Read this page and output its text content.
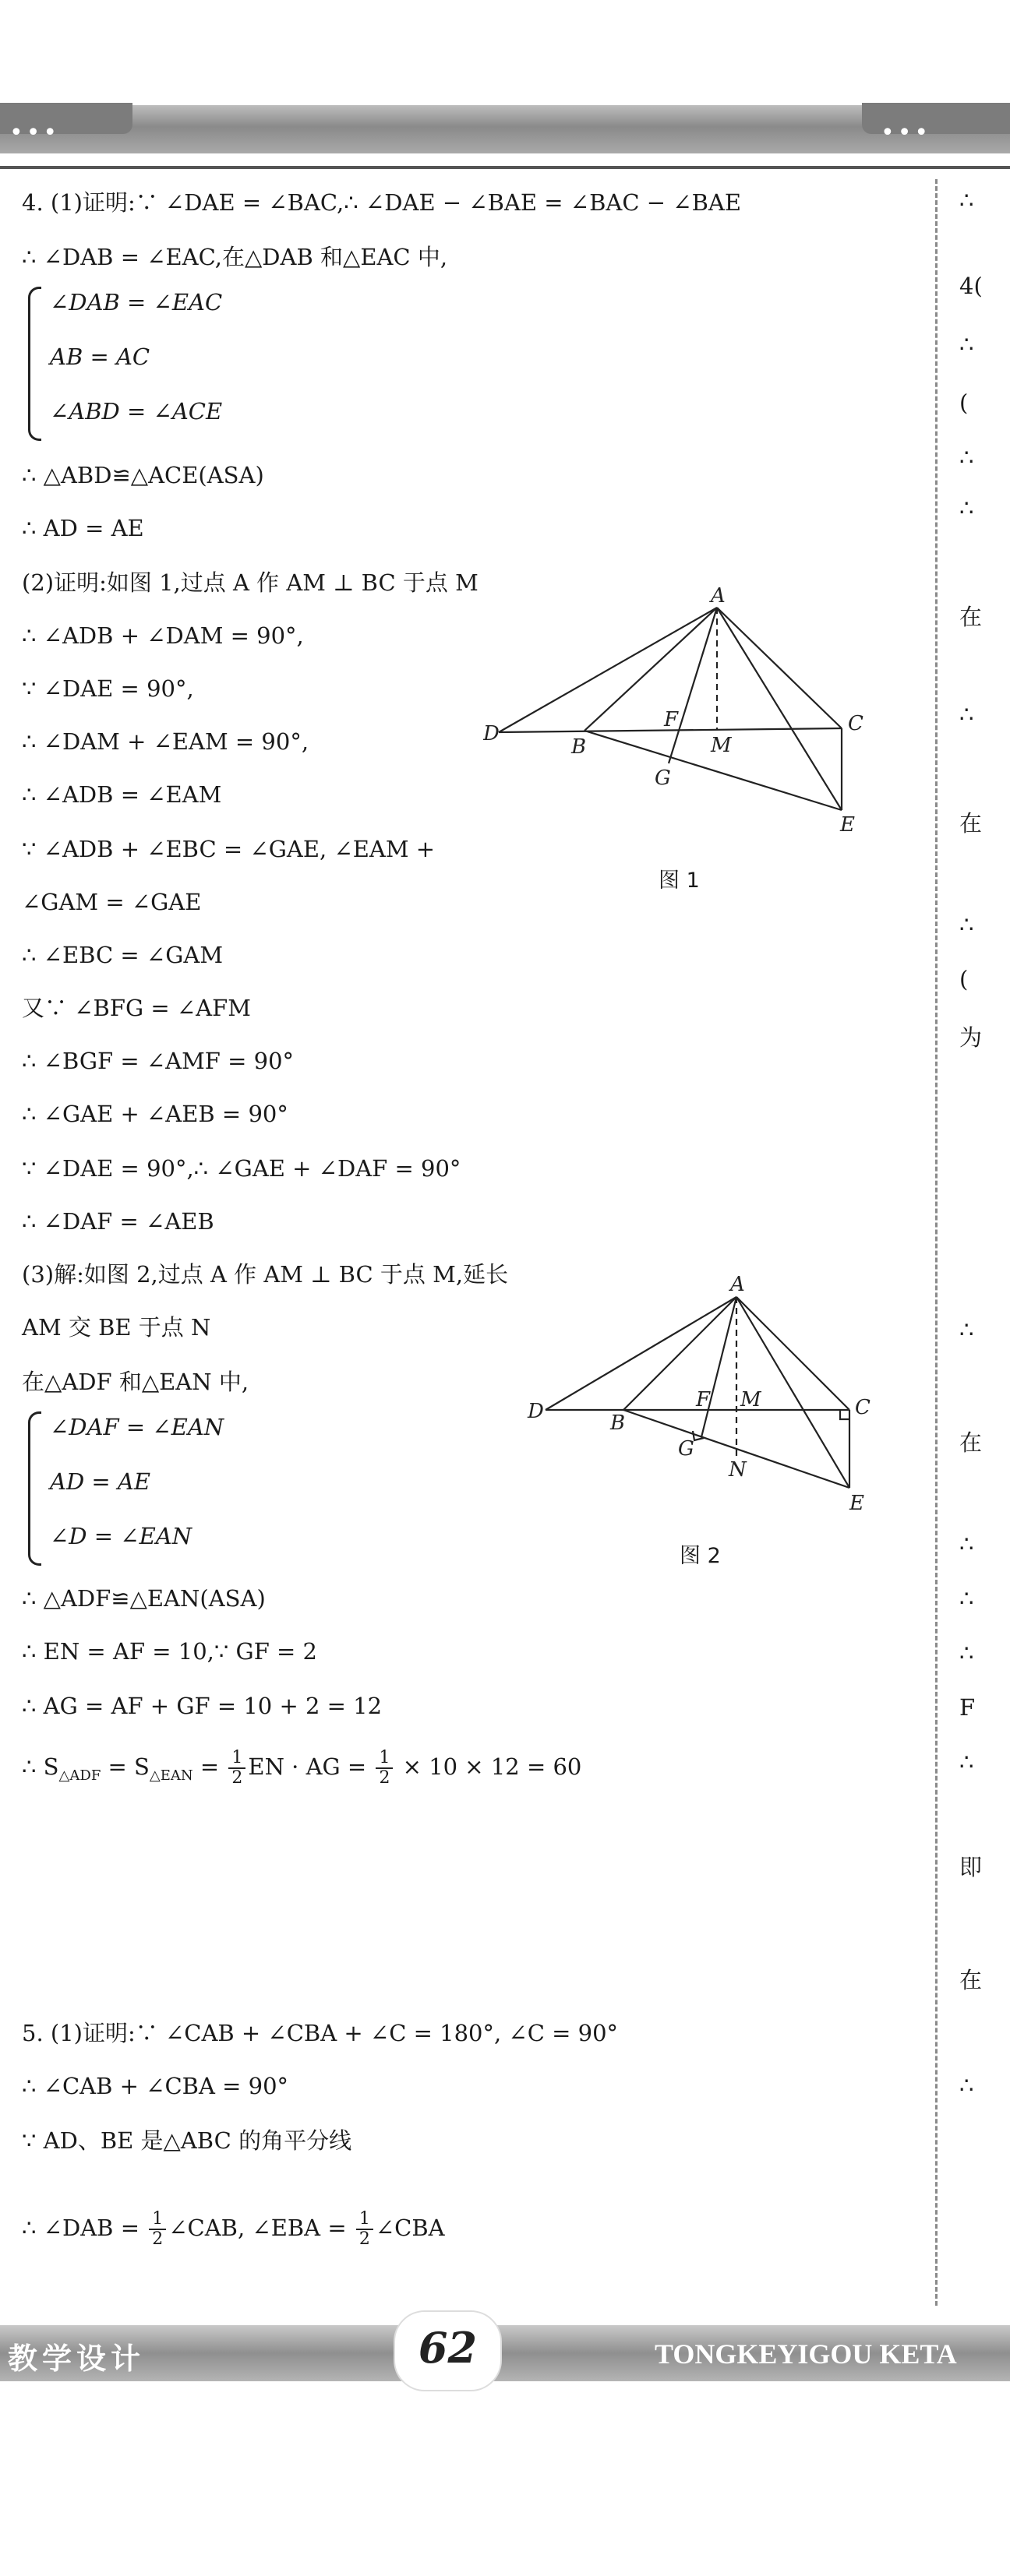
•••	•••
∠DAB = ∠EAC
AB = AC
∠ABD = ∠ACE
∠DAF = ∠EAN
AD = AE
∠D = ∠EAN
∴ $S_{\triangle ADF} = S_{\triangle EAN} = \frac{1}{2}$ EN · AG = $\frac{1}{2} \times 10 \times 12 = 60$
∴ ∠DAB = $\frac{1}{2}$ ∠CAB, ∠EBA = $\frac{1}{2}$ ∠CBA
4. (1)证明:∵ ∠DAE = ∠BAC,∴ ∠DAE − ∠BAE = ∠BAC − ∠BAE
∴ ∠DAB = ∠EAC,在△DAB 和△EAC 中,
∴ △ABD≌△ACE(ASA)
∴ AD = AE
(2)证明:如图 1,过点 A 作 AM ⊥ BC 于点 M
∴ ∠ADB + ∠DAM = 90°,
∵ ∠DAE = 90°,
∴ ∠DAM + ∠EAM = 90°,
∴ ∠ADB = ∠EAM
∵ ∠ADB + ∠EBC = ∠GAE, ∠EAM +
∠GAM = ∠GAE
∴ ∠EBC = ∠GAM
又∵ ∠BFG = ∠AFM
∴ ∠BGF = ∠AMF = 90°
∴ ∠GAE + ∠AEB = 90°
∵ ∠DAE = 90°,∴ ∠GAE + ∠DAF = 90°
∴ ∠DAF = ∠AEB
(3)解:如图 2,过点 A 作 AM ⊥ BC 于点 M,延长
AM 交 BE 于点 N
在△ADF 和△EAN 中,
∴ △ADF≌△EAN(ASA)
∴ EN = AF = 10,∵ GF = 2
∴ AG = AF + GF = 10 + 2 = 12
5. (1)证明:∵ ∠CAB + ∠CBA + ∠C = 180°, ∠C = 90°
∴ ∠CAB + ∠CBA = 90°
∵ AD、BE 是△ABC 的角平分线
A
B
C
D
E
F
G
M
图 1
A
B
C
D
E
F
G
M
N
图 2
∴
4(
∴
(
∴
∴
在
∴
在
∴
(
为
∴
在
∴
∴
∴
F
∴
即
在
∴
教学设计	TONGKEYIGOU KETA
62
